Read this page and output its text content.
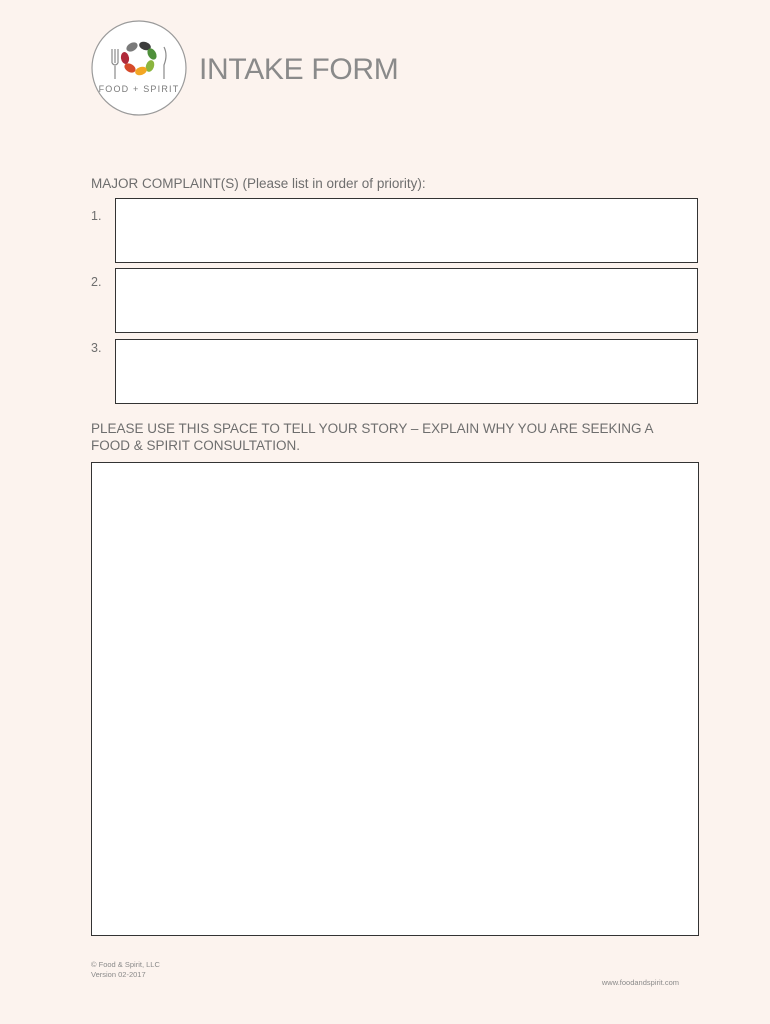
FOOD + SPIRIT
INTAKE FORM
MAJOR COMPLAINT(S) (Please list in order of priority):
1.
2.
3.
PLEASE USE THIS SPACE TO TELL YOUR STORY – EXPLAIN WHY YOU ARE SEEKING A
FOOD & SPIRIT CONSULTATION.
© Food & Spirit, LLC
Version 02-2017
www.foodandspirit.com
